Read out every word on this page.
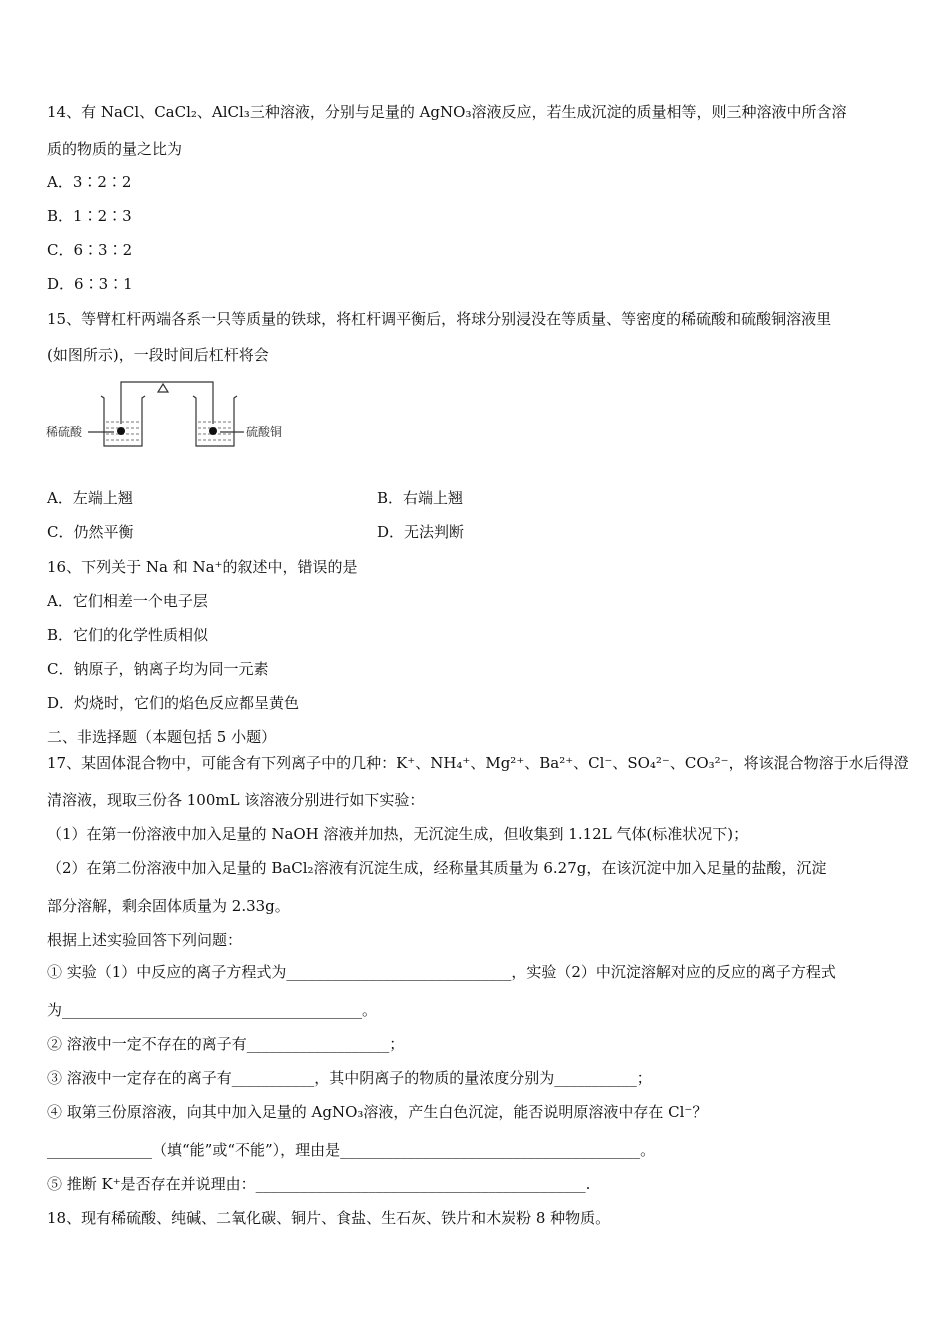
14、有 NaCl、CaCl₂、AlCl₃三种溶液，分别与足量的 AgNO₃溶液反应，若生成沉淀的质量相等，则三种溶液中所含溶
质的物质的量之比为
A．3∶2∶2
B．1∶2∶3
C．6∶3∶2
D．6∶3∶1
15、等臂杠杆两端各系一只等质量的铁球，将杠杆调平衡后，将球分别浸没在等质量、等密度的稀硫酸和硫酸铜溶液里
(如图所示)，一段时间后杠杆将会
稀硫酸	硫酸铜
A．左端上翘	B．右端上翘
C．仍然平衡	D．无法判断
16、下列关于 Na 和 Na⁺的叙述中，错误的是
A．它们相差一个电子层
B．它们的化学性质相似
C．钠原子，钠离子均为同一元素
D．灼烧时，它们的焰色反应都呈黄色
二、非选择题（本题包括 5 小题）
17、某固体混合物中，可能含有下列离子中的几种：K⁺、NH₄⁺、Mg²⁺、Ba²⁺、Cl⁻、SO₄²⁻、CO₃²⁻，将该混合物溶于水后得澄
清溶液，现取三份各 100mL 该溶液分别进行如下实验：
（1）在第一份溶液中加入足量的 NaOH 溶液并加热，无沉淀生成，但收集到 1.12L 气体(标准状况下)；
（2）在第二份溶液中加入足量的 BaCl₂溶液有沉淀生成，经称量其质量为 6.27g，在该沉淀中加入足量的盐酸，沉淀
部分溶解，剩余固体质量为 2.33g。
根据上述实验回答下列问题：
① 实验（1）中反应的离子方程式为______________________________，实验（2）中沉淀溶解对应的反应的离子方程式
为________________________________________。
② 溶液中一定不存在的离子有___________________；
③ 溶液中一定存在的离子有___________，其中阴离子的物质的量浓度分别为___________；
④ 取第三份原溶液，向其中加入足量的 AgNO₃溶液，产生白色沉淀，能否说明原溶液中存在 Cl⁻？
______________（填“能”或“不能”），理由是________________________________________。
⑤ 推断 K⁺是否存在并说理由：____________________________________________.
18、现有稀硫酸、纯碱、二氧化碳、铜片、食盐、生石灰、铁片和木炭粉 8 种物质。
